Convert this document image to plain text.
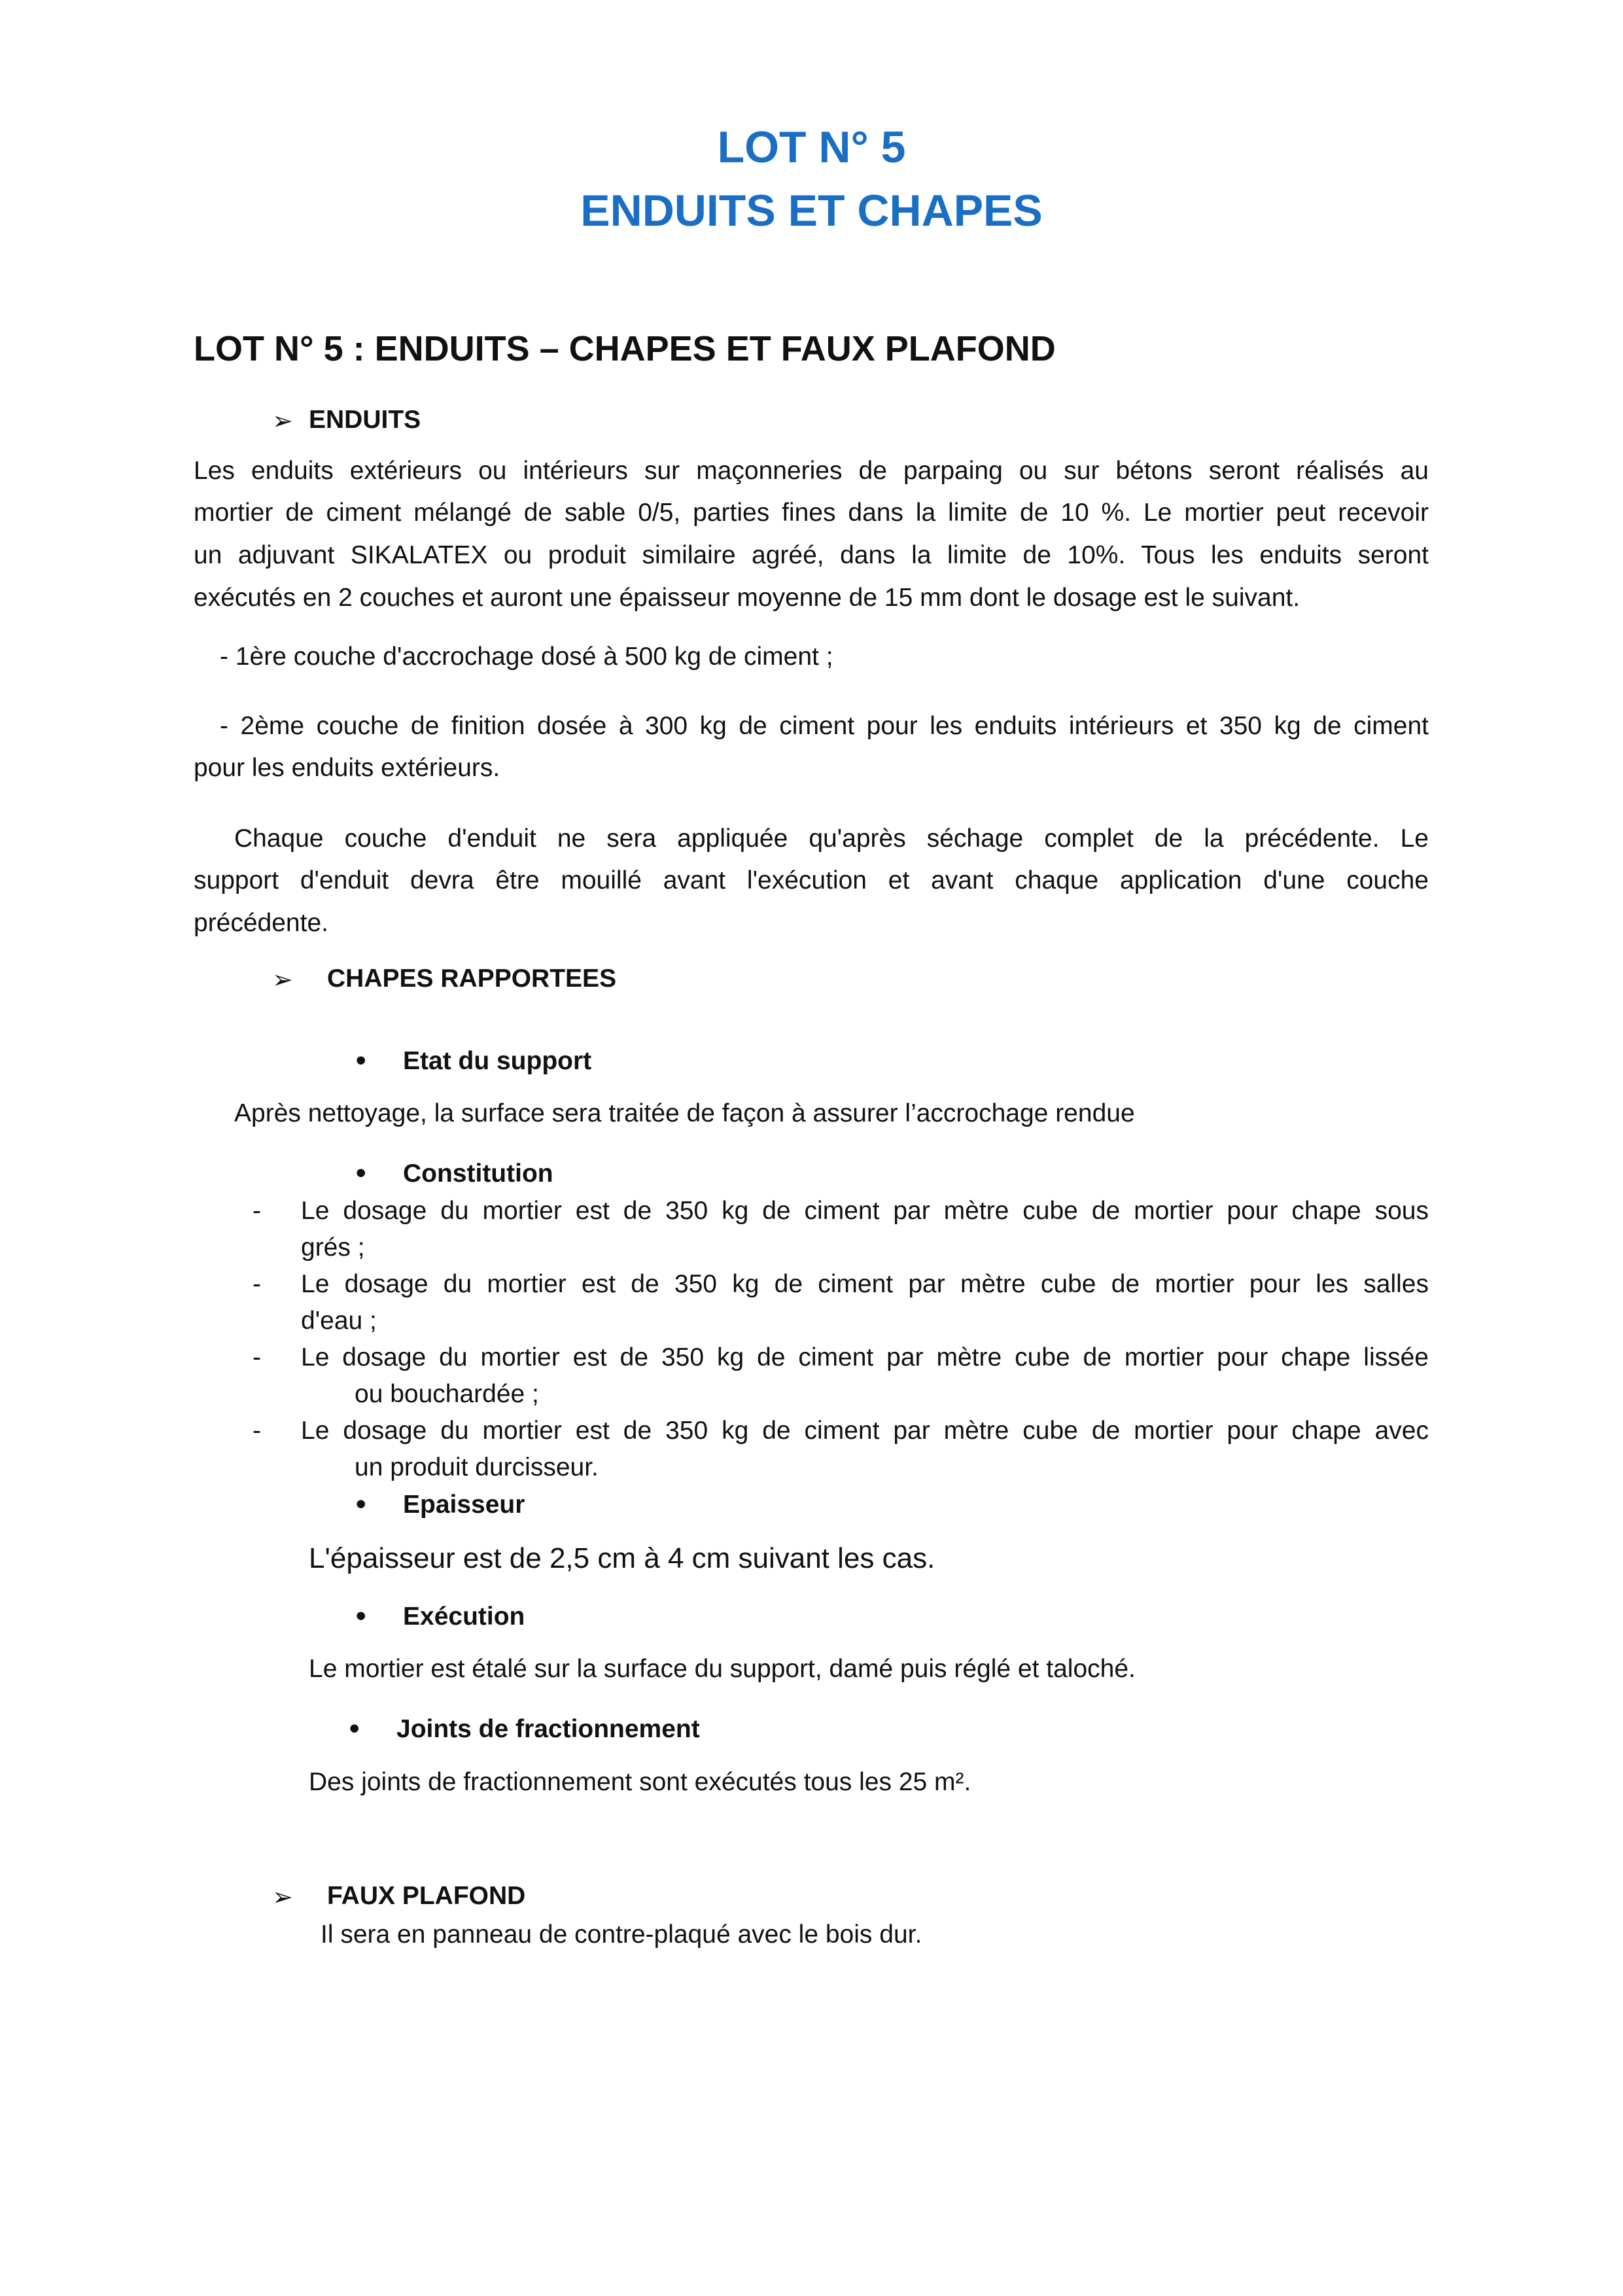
LOT N° 5
ENDUITS ET CHAPES
LOT N° 5 : ENDUITS – CHAPES ET FAUX PLAFOND
➢ ENDUITS
Les enduits extérieurs ou intérieurs sur maçonneries de parpaing ou sur bétons seront réalisés au
mortier de ciment mélangé de sable 0/5, parties fines dans la limite de 10 %. Le mortier peut recevoir
un adjuvant SIKALATEX ou produit similaire agréé, dans la limite de 10%. Tous les enduits seront
exécutés en 2 couches et auront une épaisseur moyenne de 15 mm dont le dosage est le suivant.
- 1ère couche d'accrochage dosé à 500 kg de ciment ;
- 2ème couche de finition dosée à 300 kg de ciment pour les enduits intérieurs et 350 kg de ciment
pour les enduits extérieurs.
Chaque couche d'enduit ne sera appliquée qu'après séchage complet de la précédente. Le
support d'enduit devra être mouillé avant l'exécution et avant chaque application d'une couche
précédente.
➢ CHAPES RAPPORTEES
• Etat du support
Après nettoyage, la surface sera traitée de façon à assurer l’accrochage rendue
• Constitution
- Le dosage du mortier est de 350 kg de ciment par mètre cube de mortier pour chape sous
grés ;
- Le dosage du mortier est de 350 kg de ciment par mètre cube de mortier pour les salles
d'eau ;
- Le dosage du mortier est de 350 kg de ciment par mètre cube de mortier pour chape lissée
ou bouchardée ;
- Le dosage du mortier est de 350 kg de ciment par mètre cube de mortier pour chape avec
un produit durcisseur.
• Epaisseur
L'épaisseur est de 2,5 cm à 4 cm suivant les cas.
• Exécution
Le mortier est étalé sur la surface du support, damé puis réglé et taloché.
• Joints de fractionnement
Des joints de fractionnement sont exécutés tous les 25 m².
➢ FAUX PLAFOND
Il sera en panneau de contre-plaqué avec le bois dur.
